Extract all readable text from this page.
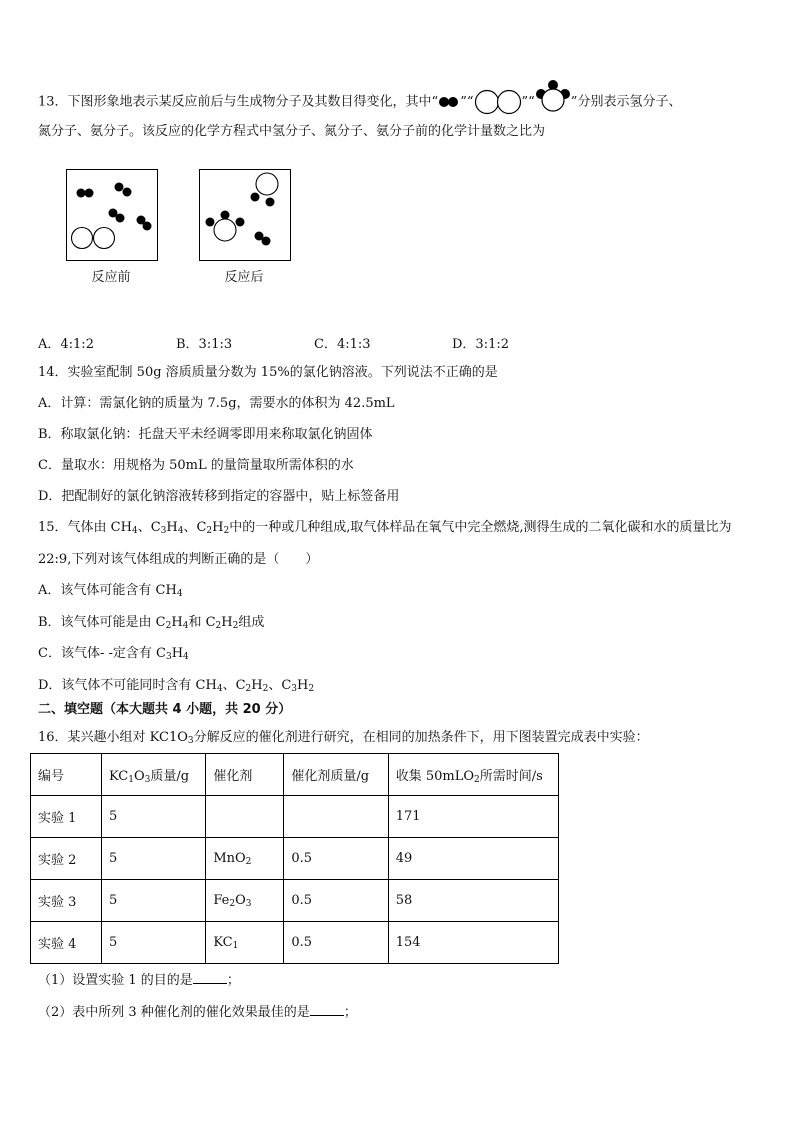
13．下图形象地表示某反应前后与生成物分子及其数目得变化，其中“ ”“	”“	”分别表示氢分子、
氮分子、氨分子。该反应的化学方程式中氢分子、氮分子、氨分子前的化学计量数之比为
反应前	反应后
A．4:1:2	B．3:1:3	C．4:1:3	D．3:1:2
14．实验室配制 50g 溶质质量分数为 15%的氯化钠溶液。下列说法不正确的是
A．计算：需氯化钠的质量为 7.5g，需要水的体积为 42.5mL
B．称取氯化钠：托盘天平未经调零即用来称取氯化钠固体
C．量取水：用规格为 50mL 的量筒量取所需体积的水
D．把配制好的氯化钠溶液转移到指定的容器中，贴上标签备用
15．气体由 $CH_4$、$C_3H_4$、$C_2H_2$中的一种或几种组成,取气体样品在氧气中完全燃烧,测得生成的二氧化碳和水的质量比为
22:9,下列对该气体组成的判断正确的是（　　）
A．该气体可能含有 $CH_4$
B．该气体可能是由 $C_2H_4$和 $C_2H_2$组成
C．该气体- -定含有 $C_3H_4$
D．该气体不可能同时含有 $CH_4$、$C_2H_2$、$C_3H_2$
二、填空题（本大题共 4 小题，共 20 分）
16．某兴趣小组对 $KC1O_3$分解反应的催化剂进行研究，在相同的加热条件下，用下图装置完成表中实验：
编号	$KC_1O_3$质量/g	催化剂	催化剂质量/g	收集 50mLO$_2$所需时间/s
实验 1	5			171
实验 2	5	MnO$_2$	0.5	49
实验 3	5	$Fe_2O_3$	0.5	58
实验 4	5	$KC_1$	0.5	154
（1）设置实验 1 的目的是	；
（2）表中所列 3 种催化剂的催化效果最佳的是	；
